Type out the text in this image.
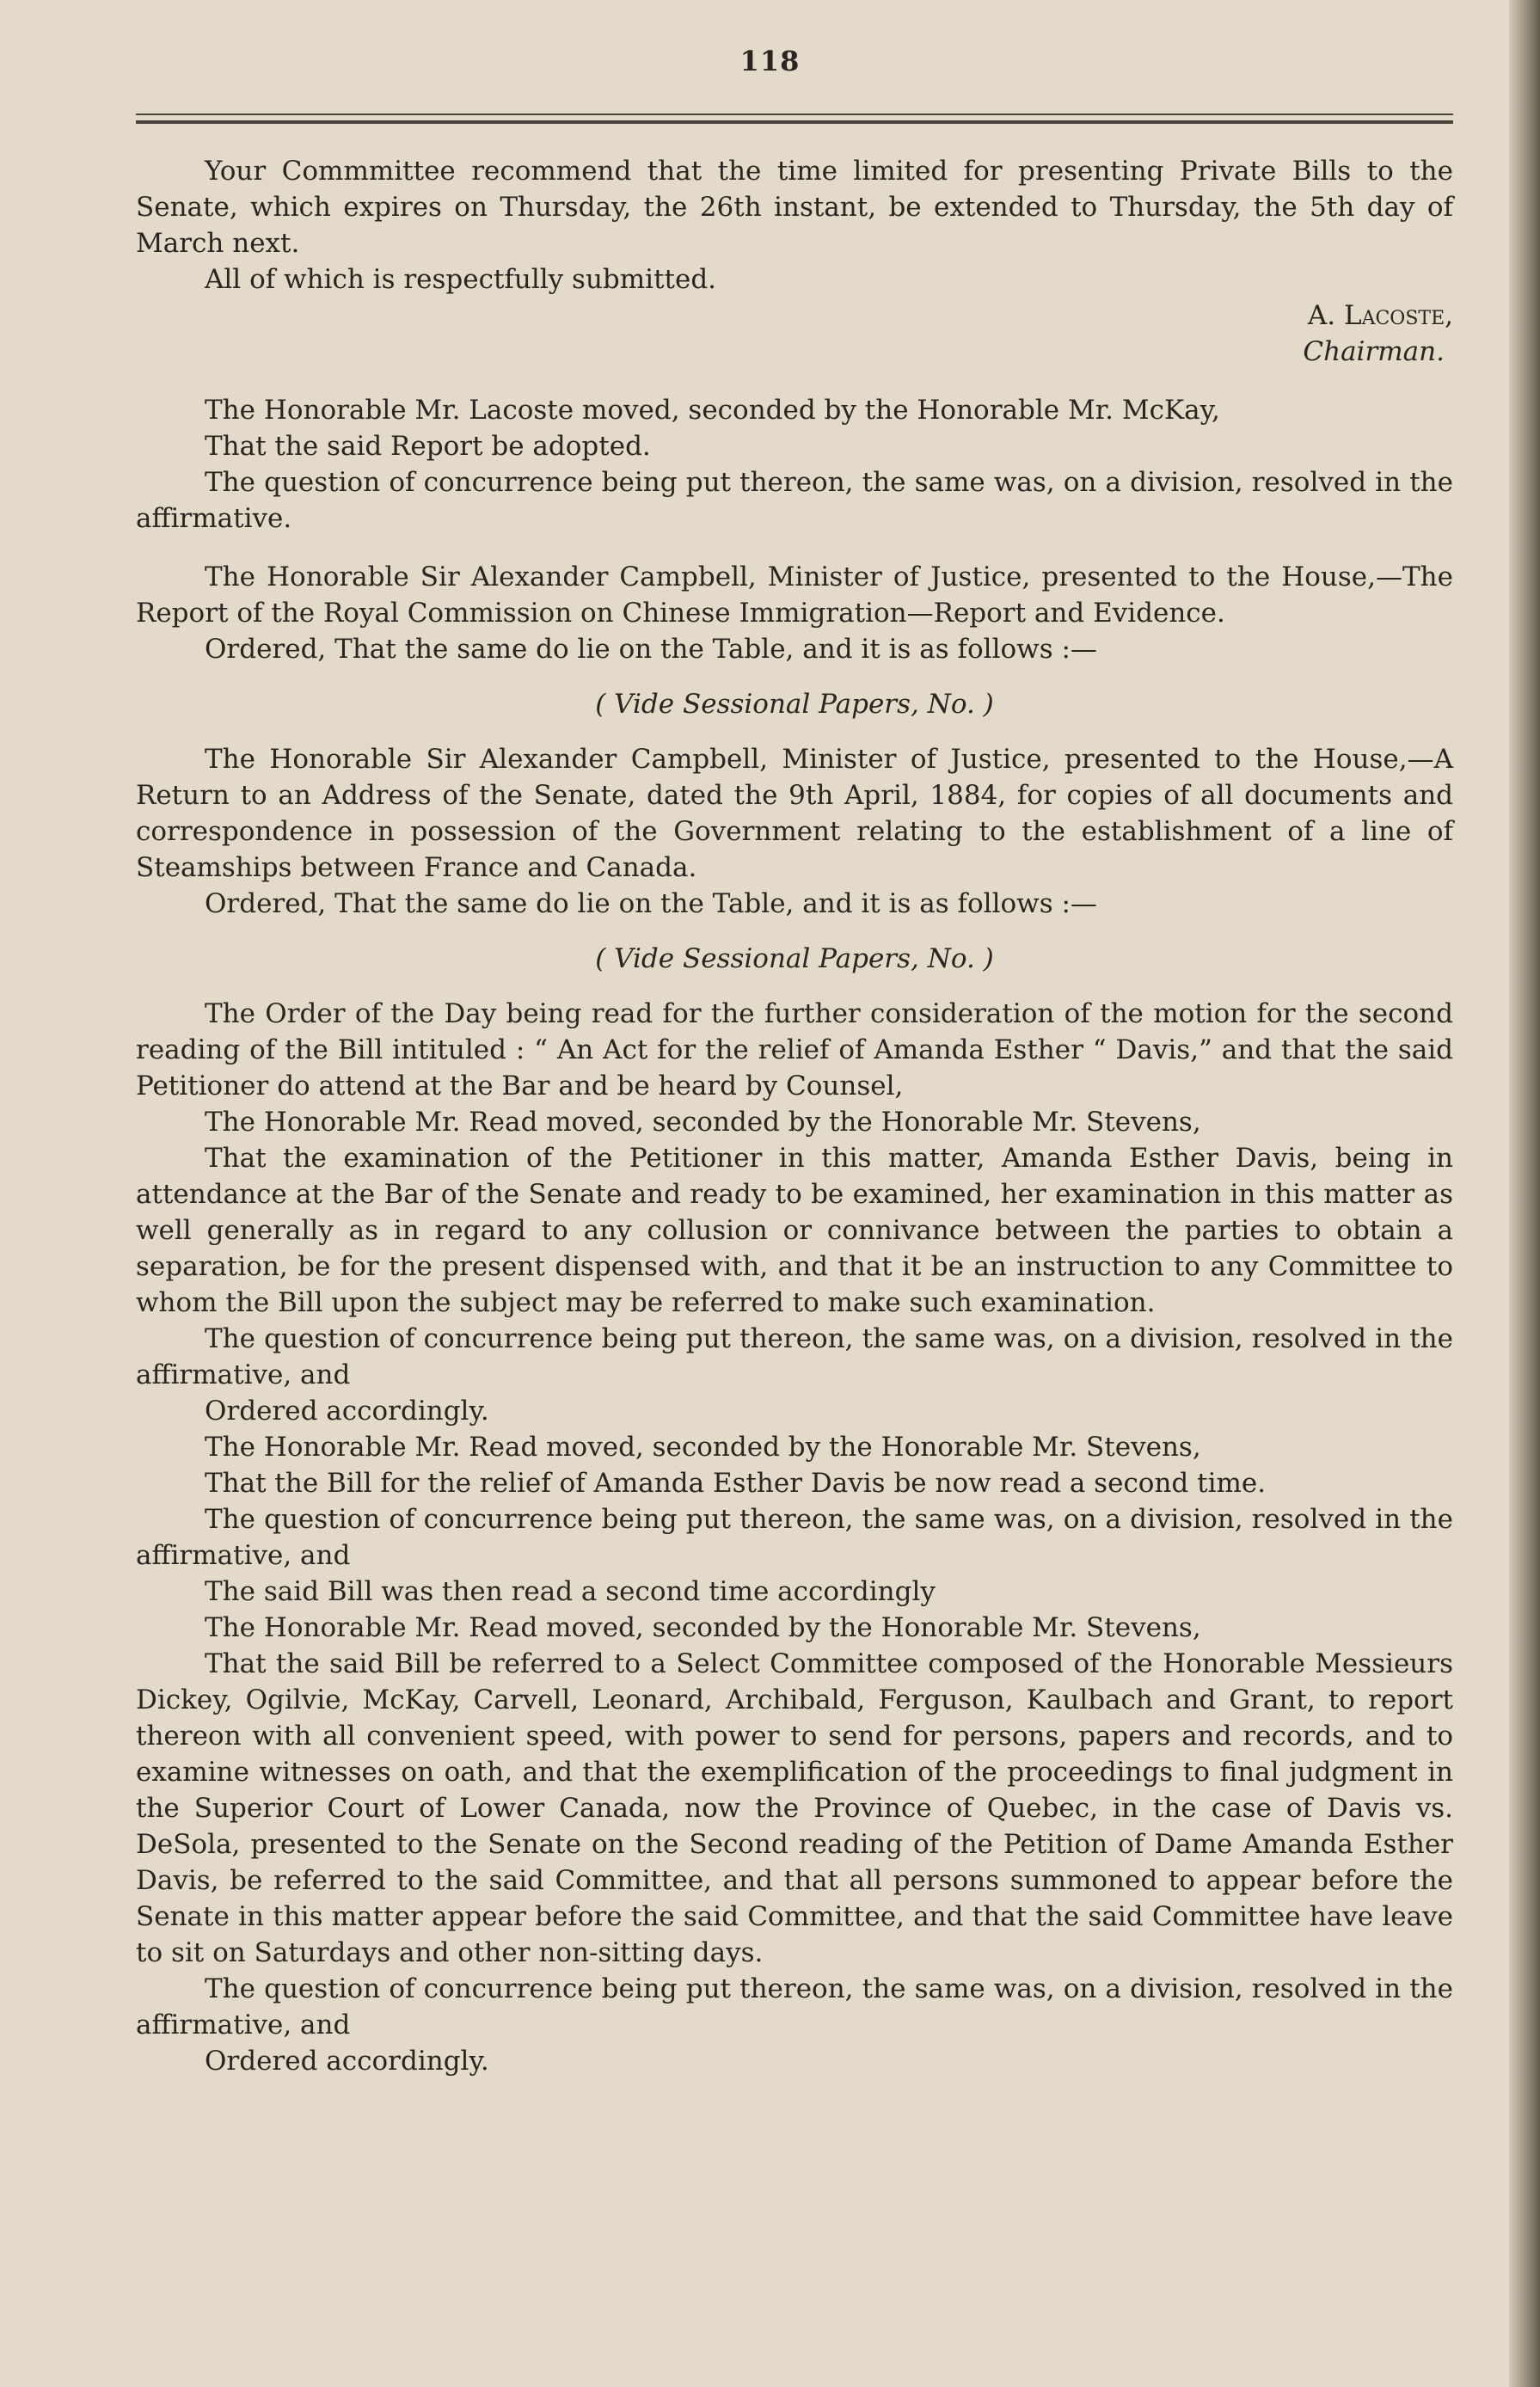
118

Your Commmittee recommend that the time limited for presenting Private Bills to the Senate, which expires on Thursday, the 26th instant, be extended to Thursday, the 5th day of March next.

All of which is respectfully submitted.

A. Lacoste,

Chairman.

The Honorable Mr. Lacoste moved, seconded by the Honorable Mr. McKay,

That the said Report be adopted.

The question of concurrence being put thereon, the same was, on a division, resolved in the affirmative.

The Honorable Sir Alexander Campbell, Minister of Justice, presented to the House,—The Report of the Royal Commission on Chinese Immigration—Report and Evidence.

Ordered, That the same do lie on the Table, and it is as follows :—

( Vide Sessional Papers, No. )

The Honorable Sir Alexander Campbell, Minister of Justice, presented to the House,—A Return to an Address of the Senate, dated the 9th April, 1884, for copies of all documents and correspondence in possession of the Government relating to the establishment of a line of Steamships between France and Canada.

Ordered, That the same do lie on the Table, and it is as follows :—

( Vide Sessional Papers, No. )

The Order of the Day being read for the further consideration of the motion for the second reading of the Bill intituled : “ An Act for the relief of Amanda Esther “ Davis,” and that the said Petitioner do attend at the Bar and be heard by Counsel,

The Honorable Mr. Read moved, seconded by the Honorable Mr. Stevens,

That the examination of the Petitioner in this matter, Amanda Esther Davis, being in attendance at the Bar of the Senate and ready to be examined, her examination in this matter as well generally as in regard to any collusion or connivance between the parties to obtain a separation, be for the present dispensed with, and that it be an instruction to any Committee to whom the Bill upon the subject may be referred to make such examination.

The question of concurrence being put thereon, the same was, on a division, resolved in the affirmative, and

Ordered accordingly.

The Honorable Mr. Read moved, seconded by the Honorable Mr. Stevens,

That the Bill for the relief of Amanda Esther Davis be now read a second time.

The question of concurrence being put thereon, the same was, on a division, resolved in the affirmative, and

The said Bill was then read a second time accordingly

The Honorable Mr. Read moved, seconded by the Honorable Mr. Stevens,

That the said Bill be referred to a Select Committee composed of the Honorable Messieurs Dickey, Ogilvie, McKay, Carvell, Leonard, Archibald, Ferguson, Kaulbach and Grant, to report thereon with all convenient speed, with power to send for persons, papers and records, and to examine witnesses on oath, and that the exemplification of the proceedings to final judgment in the Superior Court of Lower Canada, now the Province of Quebec, in the case of Davis vs. DeSola, presented to the Senate on the Second reading of the Petition of Dame Amanda Esther Davis, be referred to the said Committee, and that all persons summoned to appear before the Senate in this matter appear before the said Committee, and that the said Committee have leave to sit on Saturdays and other non-sitting days.

The question of concurrence being put thereon, the same was, on a division, resolved in the affirmative, and

Ordered accordingly.
